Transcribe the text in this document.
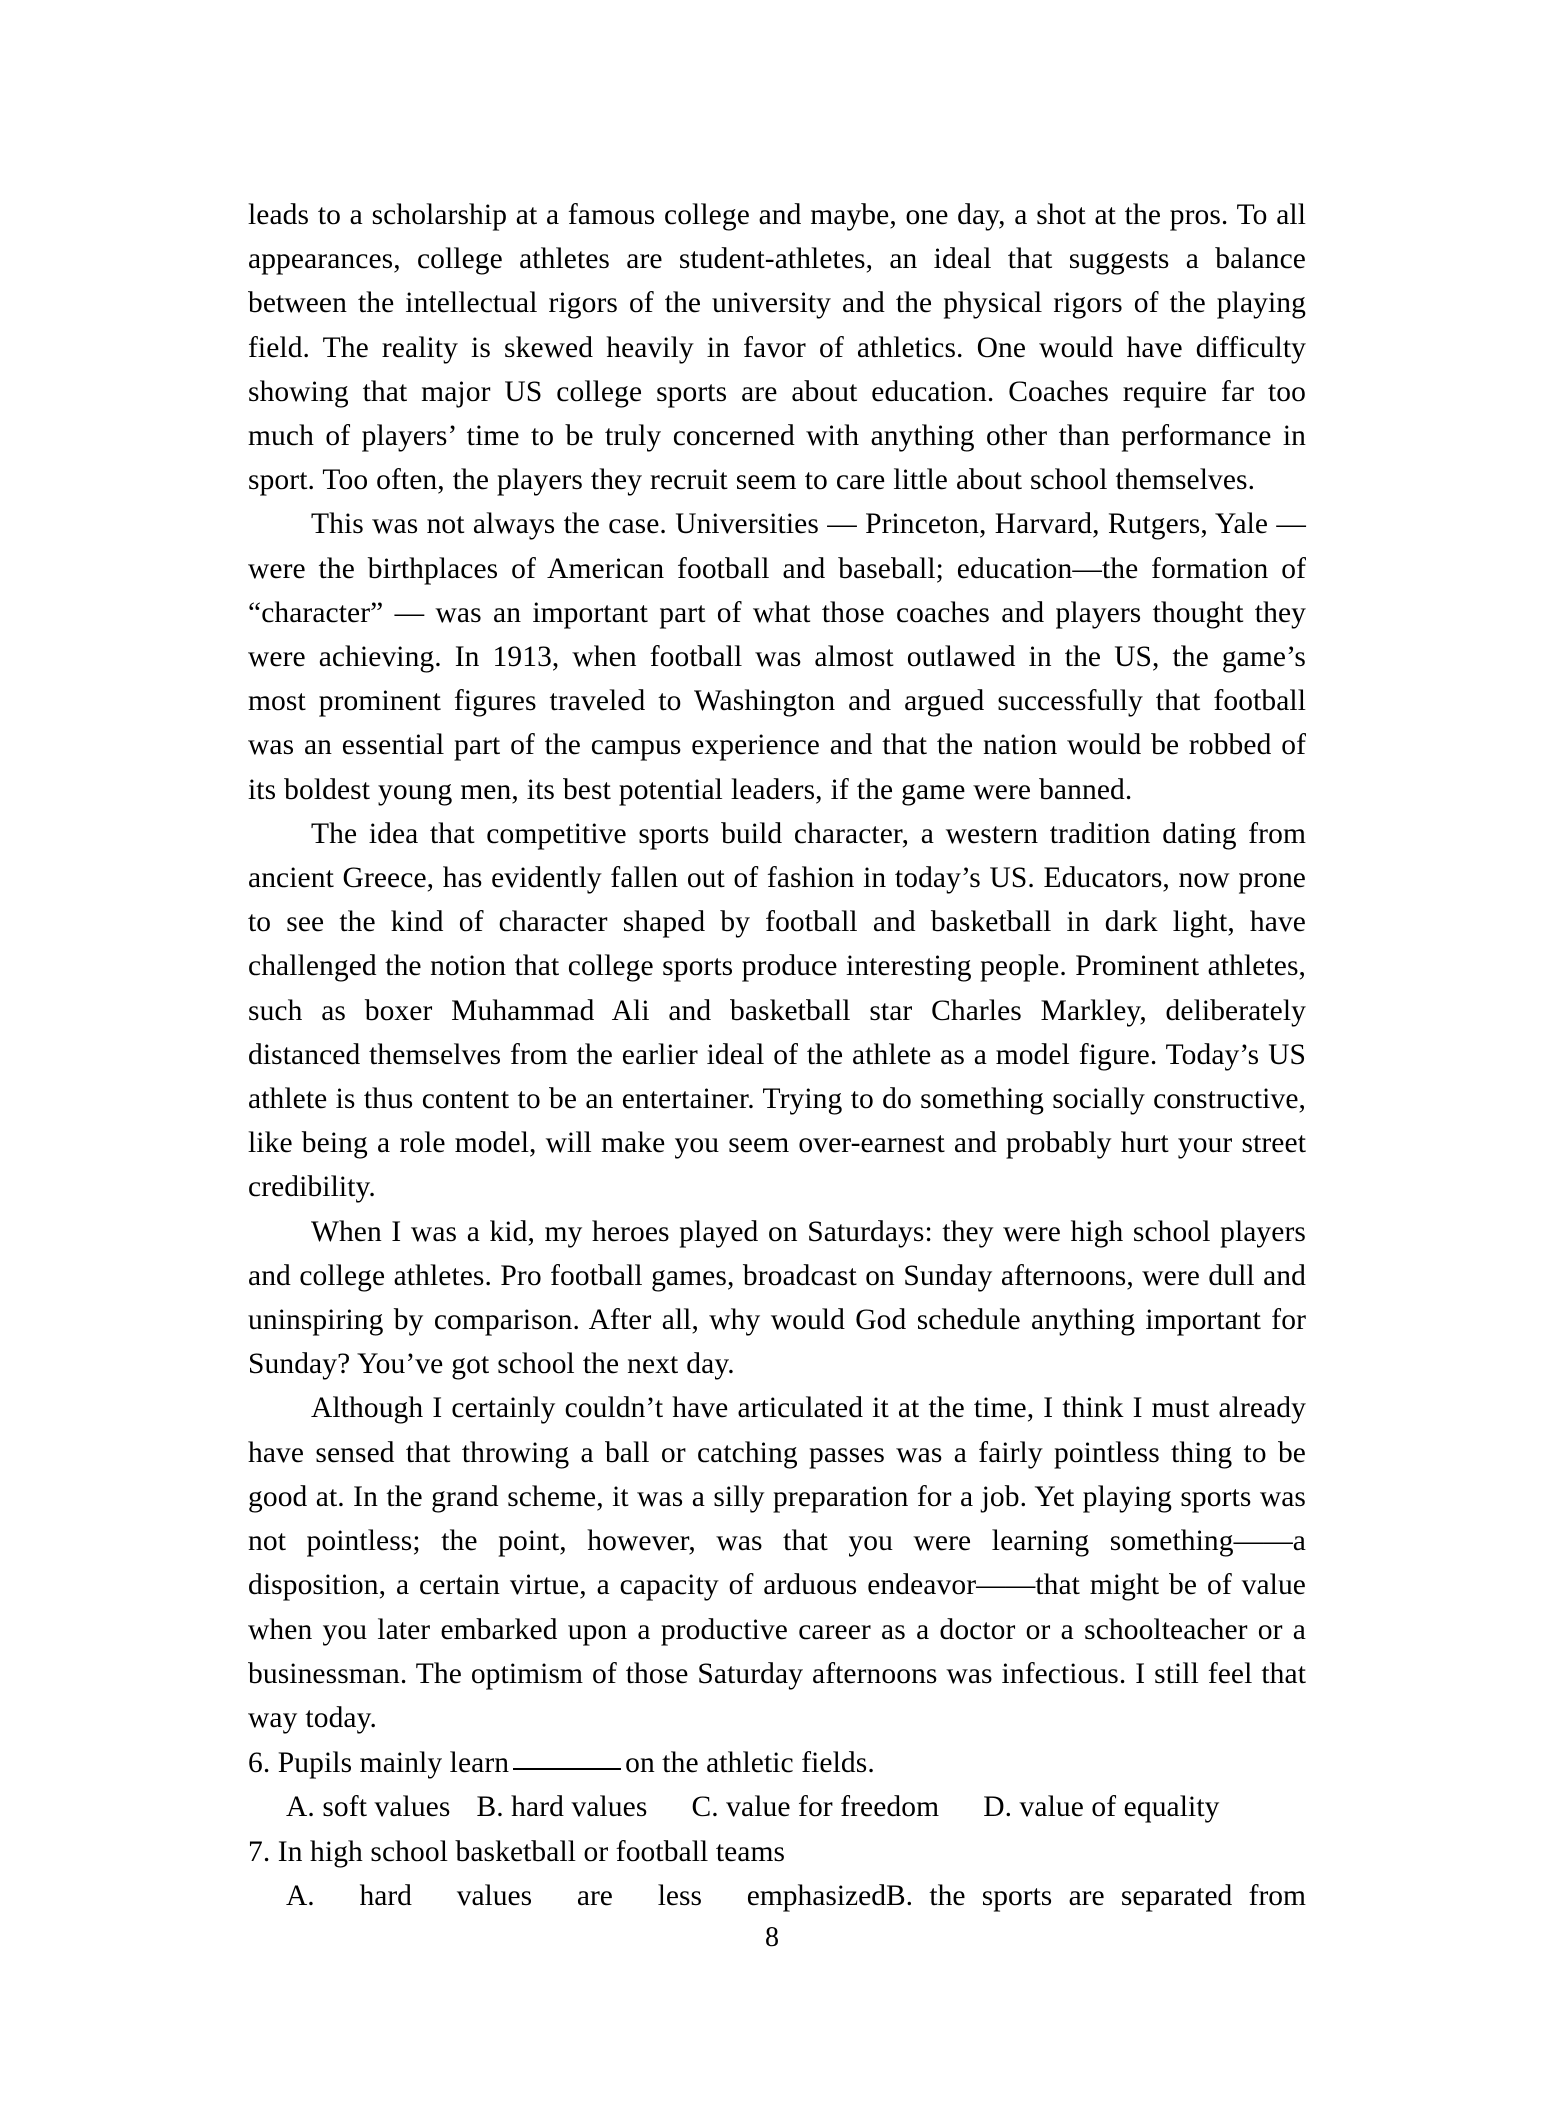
leads to a scholarship at a famous college and maybe, one day, a shot at the pros. To all appearances, college athletes are student-athletes, an ideal that suggests a balance between the intellectual rigors of the university and the physical rigors of the playing field. The reality is skewed heavily in favor of athletics. One would have difficulty showing that major US college sports are about education. Coaches require far too much of players’ time to be truly concerned with anything other than performance in sport. Too often, the players they recruit seem to care little about school themselves.

This was not always the case. Universities — Princeton, Harvard, Rutgers, Yale — were the birthplaces of American football and baseball; education—the formation of “character” — was an important part of what those coaches and players thought they were achieving. In 1913, when football was almost outlawed in the US, the game’s most prominent figures traveled to Washington and argued successfully that football was an essential part of the campus experience and that the nation would be robbed of its boldest young men, its best potential leaders, if the game were banned.

The idea that competitive sports build character, a western tradition dating from ancient Greece, has evidently fallen out of fashion in today’s US. Educators, now prone to see the kind of character shaped by football and basketball in dark light, have challenged the notion that college sports produce interesting people. Prominent athletes, such as boxer Muhammad Ali and basketball star Charles Markley, deliberately distanced themselves from the earlier ideal of the athlete as a model figure. Today’s US athlete is thus content to be an entertainer. Trying to do something socially constructive, like being a role model, will make you seem over-earnest and probably hurt your street credibility.

When I was a kid, my heroes played on Saturdays: they were high school players and college athletes. Pro football games, broadcast on Sunday afternoons, were dull and uninspiring by comparison. After all, why would God schedule anything important for Sunday? You’ve got school the next day.

Although I certainly couldn’t have articulated it at the time, I think I must already have sensed that throwing a ball or catching passes was a fairly pointless thing to be good at. In the grand scheme, it was a silly preparation for a job. Yet playing sports was not pointless; the point, however, was that you were learning something——a disposition, a certain virtue, a capacity of arduous endeavor——that might be of value when you later embarked upon a productive career as a doctor or a schoolteacher or a businessman. The optimism of those Saturday afternoons was infectious. I still feel that way today.

6. Pupils mainly learn	on the athletic fields.

A. soft values B. hard values C. value for freedom D. value of equality

7. In high school basketball or football teams

A. hard values are less emphasized B. the sports are separated from
8
